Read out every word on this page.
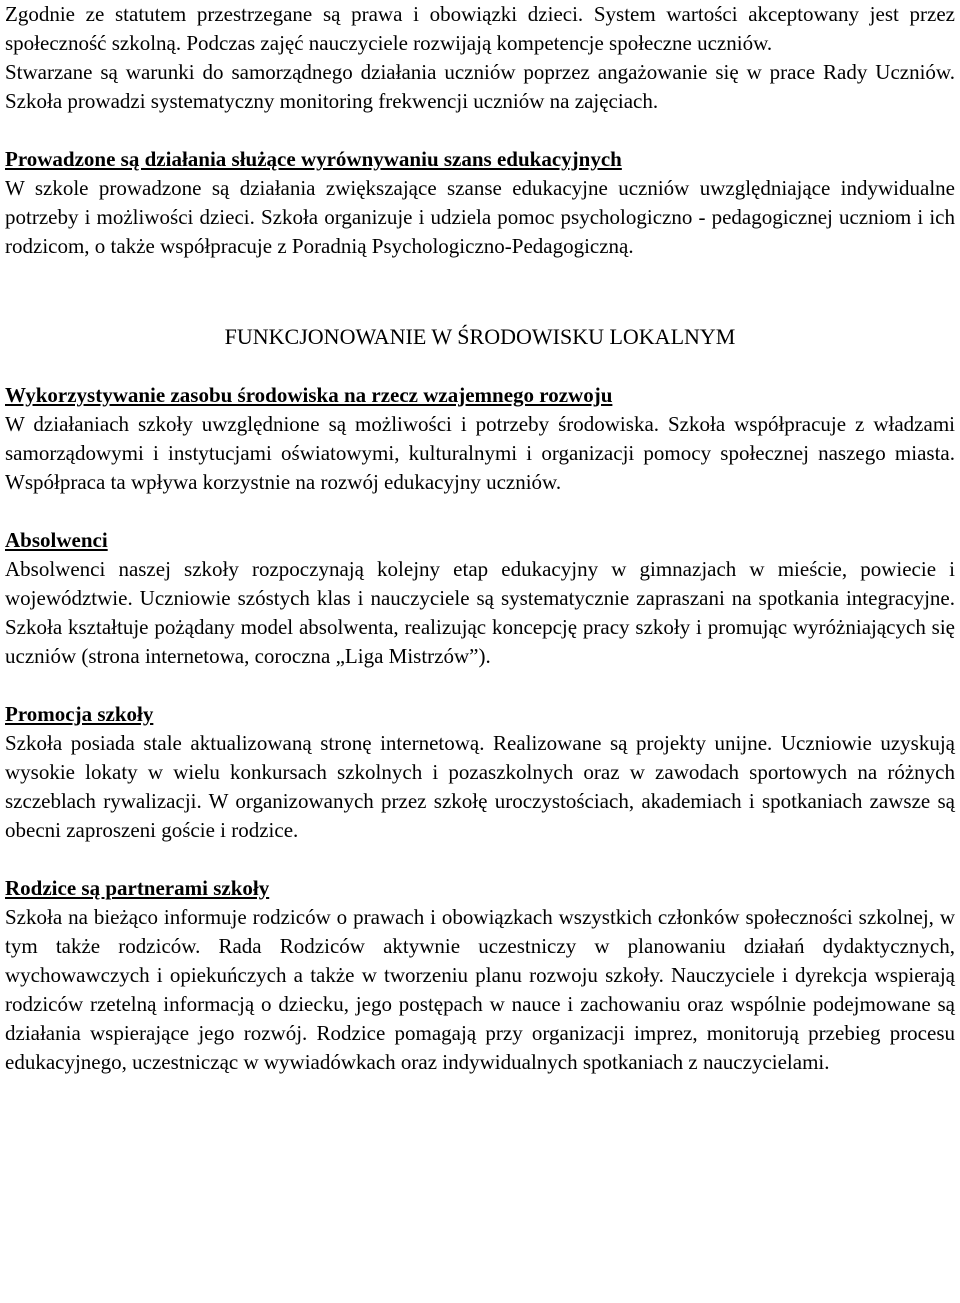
Zgodnie ze statutem przestrzegane są prawa i obowiązki dzieci. System wartości akceptowany jest przez społeczność szkolną. Podczas zajęć nauczyciele rozwijają kompetencje społeczne uczniów.

Stwarzane są warunki do samorządnego działania uczniów poprzez angażowanie się w prace Rady Uczniów. Szkoła prowadzi systematyczny monitoring frekwencji uczniów na zajęciach.

Prowadzone są działania służące wyrównywaniu szans edukacyjnych

W szkole prowadzone są działania zwiększające szanse edukacyjne uczniów uwzględniające indywidualne potrzeby i możliwości dzieci. Szkoła organizuje i udziela pomoc psychologiczno - pedagogicznej uczniom i ich rodzicom, o także współpracuje z Poradnią Psychologiczno-Pedagogiczną.

FUNKCJONOWANIE W ŚRODOWISKU LOKALNYM

Wykorzystywanie zasobu środowiska na rzecz wzajemnego rozwoju

W działaniach szkoły uwzględnione są możliwości i potrzeby środowiska. Szkoła współpracuje z władzami samorządowymi i instytucjami oświatowymi, kulturalnymi i organizacji pomocy społecznej naszego miasta. Współpraca ta wpływa korzystnie na rozwój edukacyjny uczniów.

Absolwenci

Absolwenci naszej szkoły rozpoczynają kolejny etap edukacyjny w gimnazjach w mieście, powiecie i województwie. Uczniowie szóstych klas i nauczyciele są systematycznie zapraszani na spotkania integracyjne. Szkoła kształtuje pożądany model absolwenta, realizując koncepcję pracy szkoły i promując wyróżniających się uczniów (strona internetowa, coroczna „Liga Mistrzów”).

Promocja szkoły

Szkoła posiada stale aktualizowaną stronę internetową. Realizowane są projekty unijne. Uczniowie uzyskują wysokie lokaty w wielu konkursach szkolnych i pozaszkolnych oraz w zawodach sportowych na różnych szczeblach rywalizacji. W organizowanych przez szkołę uroczystościach, akademiach i spotkaniach zawsze są obecni zaproszeni goście i rodzice.

Rodzice są partnerami szkoły

Szkoła na bieżąco informuje rodziców o prawach i obowiązkach wszystkich członków społeczności szkolnej, w tym także rodziców. Rada Rodziców aktywnie uczestniczy w planowaniu działań dydaktycznych, wychowawczych i opiekuńczych a także w tworzeniu planu rozwoju szkoły. Nauczyciele i dyrekcja wspierają rodziców rzetelną informacją o dziecku, jego postępach w nauce i zachowaniu oraz wspólnie podejmowane są działania wspierające jego rozwój. Rodzice pomagają przy organizacji imprez, monitorują przebieg procesu edukacyjnego, uczestnicząc w wywiadówkach oraz indywidualnych spotkaniach z nauczycielami.
